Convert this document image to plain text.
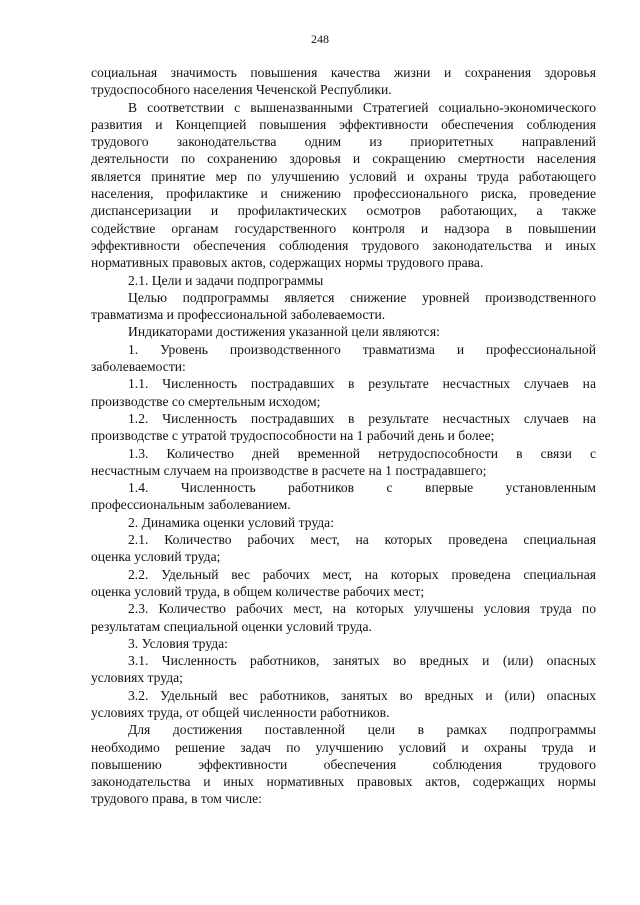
248
социальная значимость повышения качества жизни и сохранения здоровья
трудоспособного населения Чеченской Республики.
В соответствии с вышеназванными Стратегией социально-экономического
развития и Концепцией повышения эффективности обеспечения соблюдения
трудового законодательства одним из приоритетных направлений
деятельности по сохранению здоровья и сокращению смертности населения
является принятие мер по улучшению условий и охраны труда работающего
населения, профилактике и снижению профессионального риска, проведение
диспансеризации и профилактических осмотров работающих, а также
содействие органам государственного контроля и надзора в повышении
эффективности обеспечения соблюдения трудового законодательства и иных
нормативных правовых актов, содержащих нормы трудового права.
2.1. Цели и задачи подпрограммы
Целью подпрограммы является снижение уровней производственного
травматизма и профессиональной заболеваемости.
Индикаторами достижения указанной цели являются:
1. Уровень производственного травматизма и профессиональной
заболеваемости:
1.1. Численность пострадавших в результате несчастных случаев на
производстве со смертельным исходом;
1.2. Численность пострадавших в результате несчастных случаев на
производстве с утратой трудоспособности на 1 рабочий день и более;
1.3. Количество дней временной нетрудоспособности в связи с
несчастным случаем на производстве в расчете на 1 пострадавшего;
1.4. Численность работников с впервые установленным
профессиональным заболеванием.
2. Динамика оценки условий труда:
2.1. Количество рабочих мест, на которых проведена специальная
оценка условий труда;
2.2. Удельный вес рабочих мест, на которых проведена специальная
оценка условий труда, в общем количестве рабочих мест;
2.3. Количество рабочих мест, на которых улучшены условия труда по
результатам специальной оценки условий труда.
3. Условия труда:
3.1. Численность работников, занятых во вредных и (или) опасных
условиях труда;
3.2. Удельный вес работников, занятых во вредных и (или) опасных
условиях труда, от общей численности работников.
Для достижения поставленной цели в рамках подпрограммы
необходимо решение задач по улучшению условий и охраны труда и
повышению эффективности обеспечения соблюдения трудового
законодательства и иных нормативных правовых актов, содержащих нормы
трудового права, в том числе:
